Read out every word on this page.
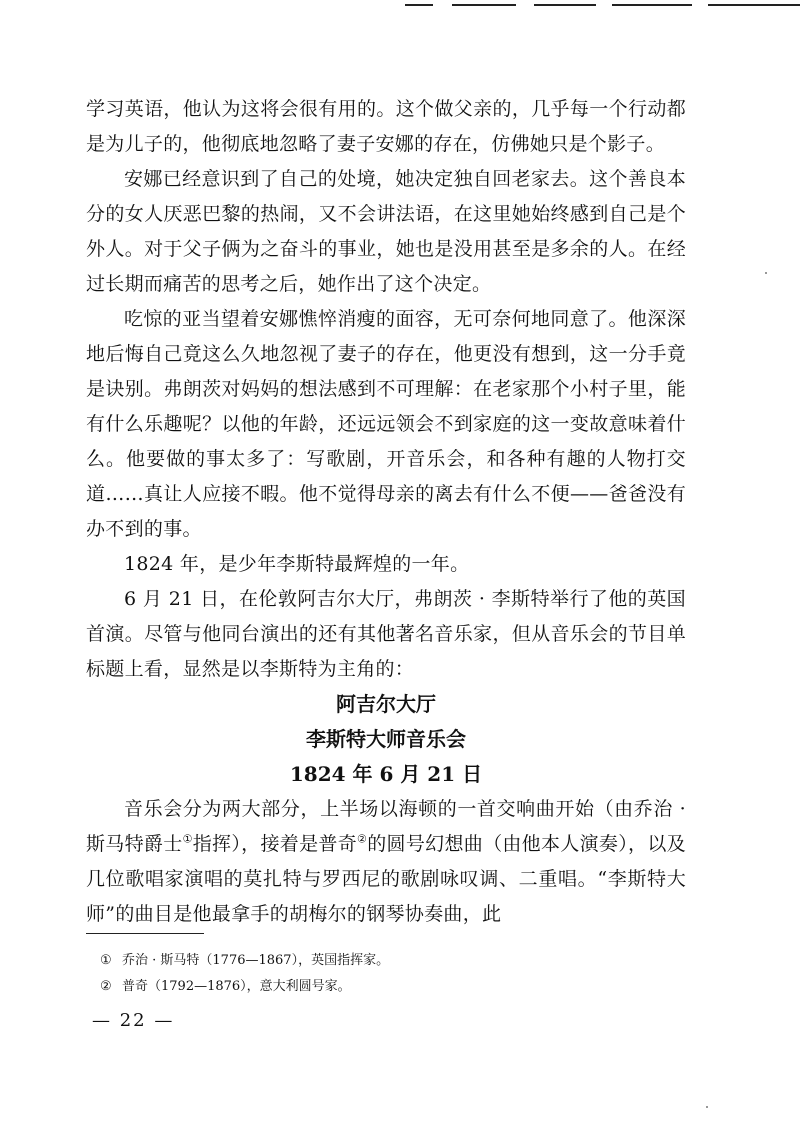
学习英语，他认为这将会很有用的。这个做父亲的，几乎每一个行动都是为儿子的，他彻底地忽略了妻子安娜的存在，仿佛她只是个影子。

安娜已经意识到了自己的处境，她决定独自回老家去。这个善良本分的女人厌恶巴黎的热闹，又不会讲法语，在这里她始终感到自己是个外人。对于父子俩为之奋斗的事业，她也是没用甚至是多余的人。在经过长期而痛苦的思考之后，她作出了这个决定。

吃惊的亚当望着安娜憔悴消瘦的面容，无可奈何地同意了。他深深地后悔自己竟这么久地忽视了妻子的存在，他更没有想到，这一分手竟是诀别。弗朗茨对妈妈的想法感到不可理解：在老家那个小村子里，能有什么乐趣呢？以他的年龄，还远远领会不到家庭的这一变故意味着什么。他要做的事太多了：写歌剧，开音乐会，和各种有趣的人物打交道……真让人应接不暇。他不觉得母亲的离去有什么不便——爸爸没有办不到的事。

1824 年，是少年李斯特最辉煌的一年。

6 月 21 日，在伦敦阿吉尔大厅，弗朗茨 · 李斯特举行了他的英国首演。尽管与他同台演出的还有其他著名音乐家，但从音乐会的节目单标题上看，显然是以李斯特为主角的：

阿吉尔大厅
李斯特大师音乐会
1824 年 6 月 21 日

音乐会分为两大部分，上半场以海顿的一首交响曲开始（由乔治 · 斯马特爵士①指挥），接着是普奇②的圆号幻想曲（由他本人演奏），以及几位歌唱家演唱的莫扎特与罗西尼的歌剧咏叹调、二重唱。“李斯特大师”的曲目是他最拿手的胡梅尔的钢琴协奏曲，此

① 乔治 · 斯马特（1776—1867），英国指挥家。

② 普奇（1792—1876），意大利圆号家。

— 22 —
